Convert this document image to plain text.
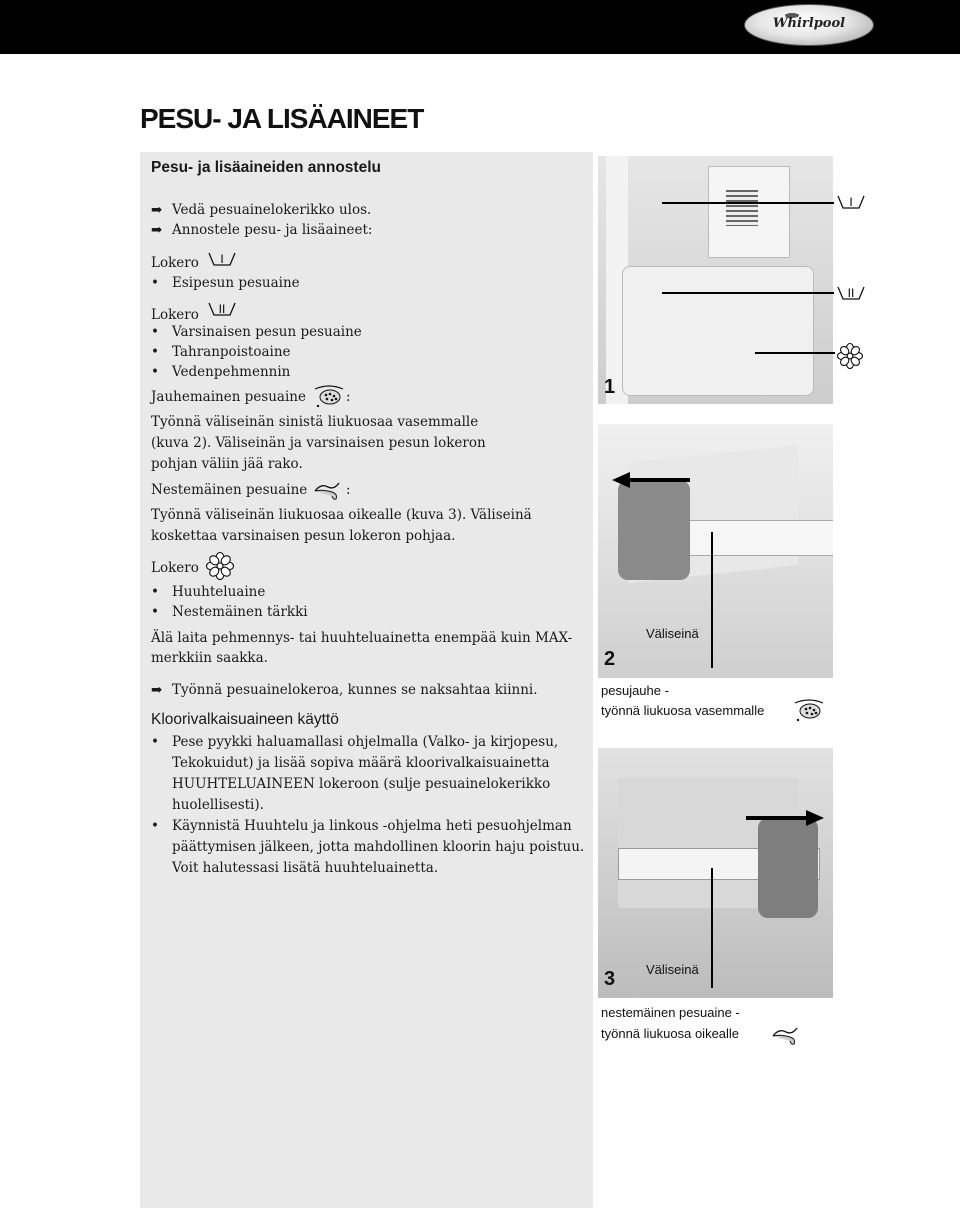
Whirlpool
PESU- JA LISÄAINEET
Pesu- ja lisäaineiden annostelu
➡ Vedä pesuainelokerikko ulos.
➡ Annostele pesu- ja lisäaineet:
Lokero I
• Esipesun pesuaine
Lokero II
• Varsinaisen pesun pesuaine
• Tahranpoistoaine
• Vedenpehmennin
Jauhemainen pesuaine	:
Työnnä väliseinän sinistä liukuosaa vasemmalle
(kuva 2). Väliseinän ja varsinaisen pesun lokeron
pohjan väliin jää rako.
Nestemäinen pesuaine	:
Työnnä väliseinän liukuosaa oikealle (kuva 3). Väliseinä
koskettaa varsinaisen pesun lokeron pohjaa.
Lokero
• Huuhteluaine
• Nestemäinen tärkki
Älä laita pehmennys- tai huuhteluainetta enempää kuin MAX-
merkkiin saakka.
➡ Työnnä pesuainelokeroa, kunnes se naksahtaa kiinni.
Kloorivalkaisuaineen käyttö
• Pese pyykki haluamallasi ohjelmalla (Valko- ja kirjopesu,
Tekokuidut) ja lisää sopiva määrä kloorivalkaisuainetta
HUUHTELUAINEEN lokeroon (sulje pesuainelokerikko
huolellisesti).
• Käynnistä Huuhtelu ja linkous -ohjelma heti pesuohjelman
päättymisen jälkeen, jotta mahdollinen kloorin haju poistuu.
Voit halutessasi lisätä huuhteluainetta.
1
I
II
2
Väliseinä
pesujauhe -
työnnä liukuosa vasemmalle
3 Väliseinä
nestemäinen pesuaine -
työnnä liukuosa oikealle
